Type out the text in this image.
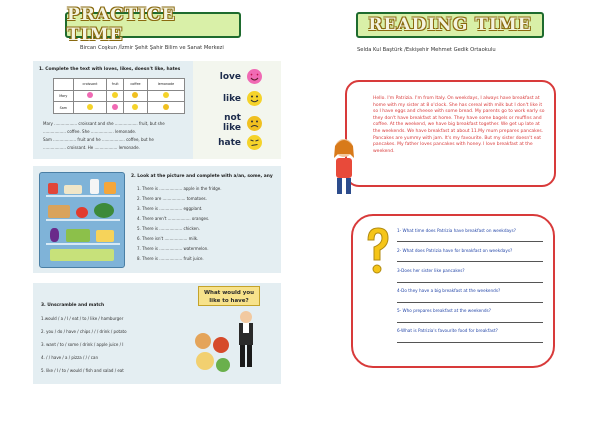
PRACTICE TIME
Bircan Coşkun /İzmir Şehit Şahir Bilim ve Sanat Merkezi
1. Complete the text with loves, likes, doesn't like, hates
	croissant	fruit	coffee	lemonade
Mary				
Sam				
Mary .................. croissant and she .................. fruit, but she
.................. coffee. She .................. lemonade.
Sam .................. fruit and he .................. coffee, but he
.................. croissant. He .................. lemonade.
love
like
not like
hate
2. Look at the picture and complete with a/an, some, any
1. There is .................. apple in the fridge.
2. There are .................. tomatoes.
3. There is .................. eggplant.
4. There aren't .................. oranges.
5. There is .................. chicken.
6. There isn't .................. milk.
7. There is .................. watermelon.
8. There is .................. fruit juice.
3. Unscramble and match
1.would / a / I / eat / to / like / hamburger
2. you / do / have / chips / / / drink / potato
3. want / to / some / drink / apple juice / I
4. / / have / a / pizza / / / can
5. like / I / to / would / fish and salad / eat
What would you like to have?
READING TIME
Selda Kul Baştürk /Eskişehir Mehmet Gedik Ortaokulu

Hello. I'm Patrizia. I'm from Italy. On weekdays, I always have breakfast at home with my sister at 8 o'clock. She has cereal with milk but I don't like it so I have eggs and cheese with some bread. My parents go to work early so they don't have breakfast at home. They have some bagels or muffins and coffee. At the weekend, we have big breakfast together. We get up late at the weekends. We have breakfast at about 11.My mum prepares pancakes. Pancakes are yummy with jam. It's my favourite. But my sister doesn't eat pancakes. My father loves pancakes with honey. I love breakfast at the weekend.

1- What time does Patrizia have breakfast on weekdays?
2- What does Patrizia have for breakfast on weekdays?
3-Does her sister like pancakes?
4-Do they have a big breakfast at the weekends?
5- Who prepares breakfast at the weekends?
6-What is Patrizia's favourite food for breakfast?
